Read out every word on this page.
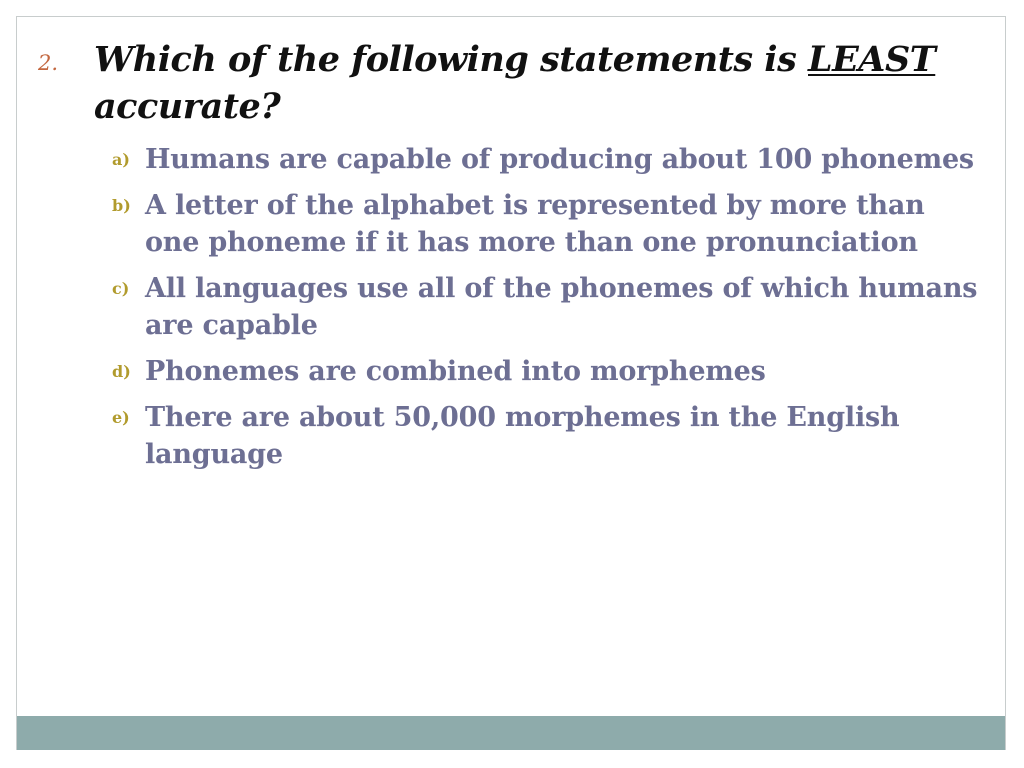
2. Which of the following statements is LEAST accurate?
a) Humans are capable of producing about 100 phonemes
b) A letter of the alphabet is represented by more than one phoneme if it has more than one pronunciation
c) All languages use all of the phonemes of which humans are capable
d) Phonemes are combined into morphemes
e) There are about 50,000 morphemes in the English language
